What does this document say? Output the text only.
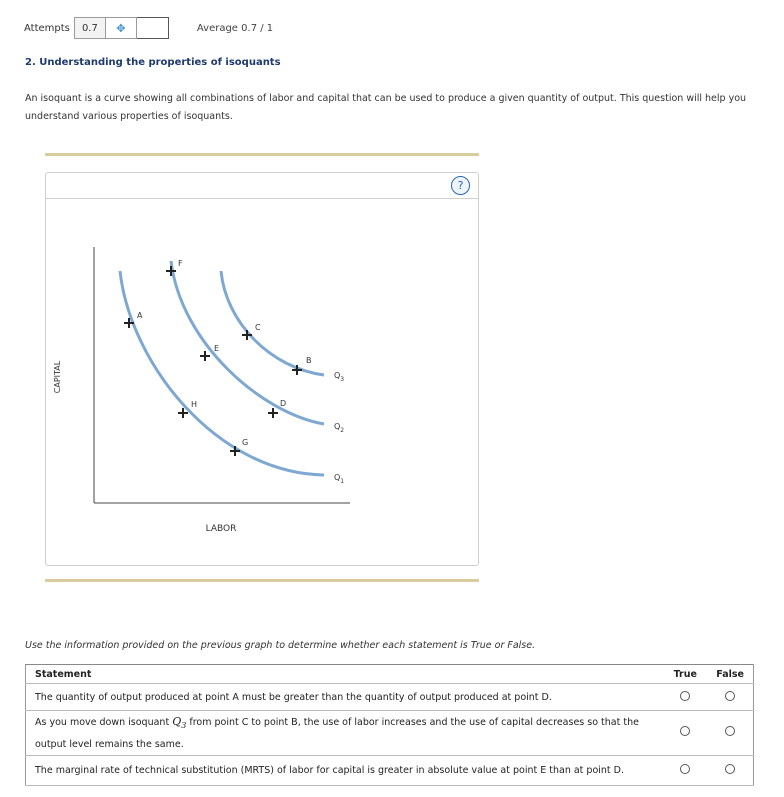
Attempts	0.7	✥	Average 0.7 / 1
2. Understanding the properties of isoquants
An isoquant is a curve showing all combinations of labor and capital that can be used to produce a given quantity of output. This question will help you understand various properties of isoquants.
?
LABOR
CAPITAL
$Q_1$
$Q_2$
$Q_3$
F
A
E
C
B
H	D
G
Use the information provided on the previous graph to determine whether each statement is True or False.
Statement	True	False
The quantity of output produced at point A must be greater than the quantity of output produced at point D.		
As you move down isoquant $Q_3$ from point C to point B, the use of labor increases and the use of capital decreases so that the output level remains the same.		
The marginal rate of technical substitution (MRTS) of labor for capital is greater in absolute value at point E than at point D.		
